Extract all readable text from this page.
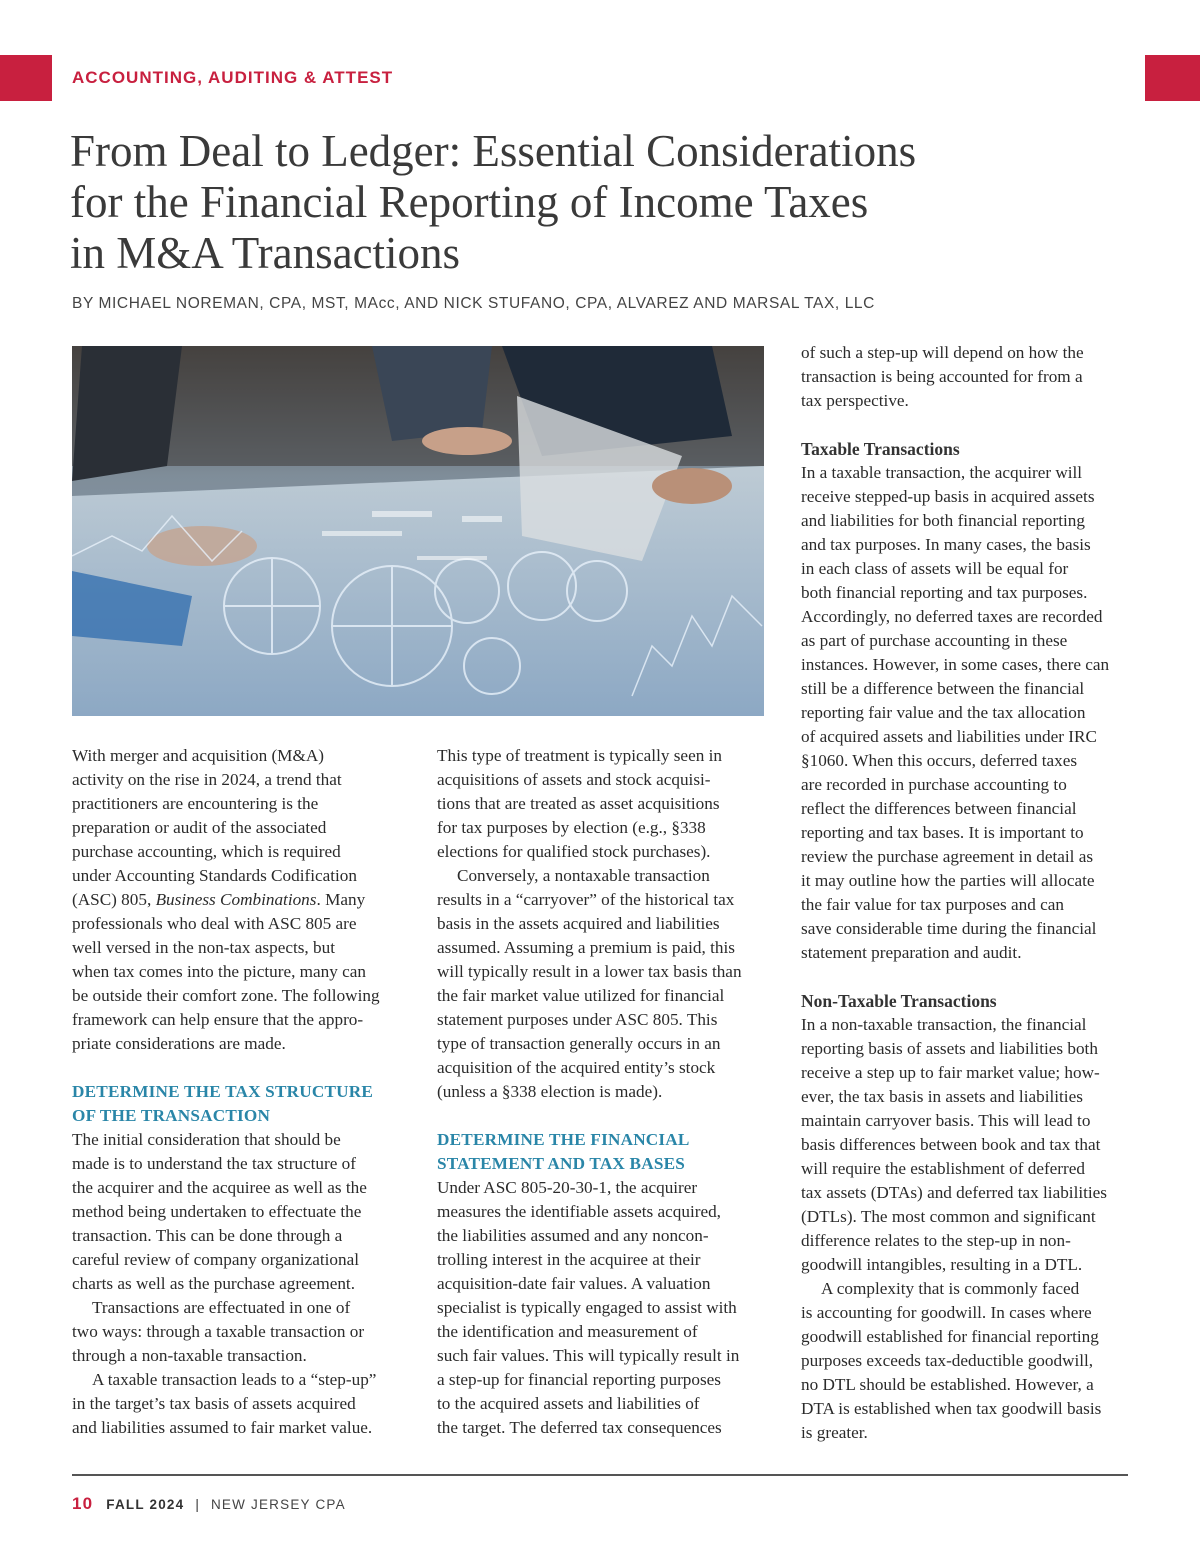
ACCOUNTING, AUDITING & ATTEST
From Deal to Ledger: Essential Considerations
for the Financial Reporting of Income Taxes
in M&A Transactions
BY MICHAEL NOREMAN, CPA, MST, MAcc, AND NICK STUFANO, CPA, ALVAREZ AND MARSAL TAX, LLC

With merger and acquisition (M&A)
activity on the rise in 2024, a trend that
practitioners are encountering is the
preparation or audit of the associated
purchase accounting, which is required
under Accounting Standards Codification
(ASC) 805, Business Combinations. Many
professionals who deal with ASC 805 are
well versed in the non-tax aspects, but
when tax comes into the picture, many can
be outside their comfort zone. The following
framework can help ensure that the appro-
priate considerations are made.

DETERMINE THE TAX STRUCTURE
OF THE TRANSACTION

The initial consideration that should be
made is to understand the tax structure of
the acquirer and the acquiree as well as the
method being undertaken to effectuate the
transaction. This can be done through a
careful review of company organizational
charts as well as the purchase agreement.

Transactions are effectuated in one of
two ways: through a taxable transaction or
through a non-taxable transaction.

A taxable transaction leads to a “step-up”
in the target’s tax basis of assets acquired
and liabilities assumed to fair market value.

This type of treatment is typically seen in
acquisitions of assets and stock acquisi-
tions that are treated as asset acquisitions
for tax purposes by election (e.g., §338
elections for qualified stock purchases).

Conversely, a nontaxable transaction
results in a “carryover” of the historical tax
basis in the assets acquired and liabilities
assumed. Assuming a premium is paid, this
will typically result in a lower tax basis than
the fair market value utilized for financial
statement purposes under ASC 805. This
type of transaction generally occurs in an
acquisition of the acquired entity’s stock
(unless a §338 election is made).

DETERMINE THE FINANCIAL
STATEMENT AND TAX BASES

Under ASC 805-20-30-1, the acquirer
measures the identifiable assets acquired,
the liabilities assumed and any noncon-
trolling interest in the acquiree at their
acquisition-date fair values. A valuation
specialist is typically engaged to assist with
the identification and measurement of
such fair values. This will typically result in
a step-up for financial reporting purposes
to the acquired assets and liabilities of
the target. The deferred tax consequences

of such a step-up will depend on how the
transaction is being accounted for from a
tax perspective.

Taxable Transactions

In a taxable transaction, the acquirer will
receive stepped-up basis in acquired assets
and liabilities for both financial reporting
and tax purposes. In many cases, the basis
in each class of assets will be equal for
both financial reporting and tax purposes.
Accordingly, no deferred taxes are recorded
as part of purchase accounting in these
instances. However, in some cases, there can
still be a difference between the financial
reporting fair value and the tax allocation
of acquired assets and liabilities under IRC
§1060. When this occurs, deferred taxes
are recorded in purchase accounting to
reflect the differences between financial
reporting and tax bases. It is important to
review the purchase agreement in detail as
it may outline how the parties will allocate
the fair value for tax purposes and can
save considerable time during the financial
statement preparation and audit.

Non-Taxable Transactions

In a non-taxable transaction, the financial
reporting basis of assets and liabilities both
receive a step up to fair market value; how-
ever, the tax basis in assets and liabilities
maintain carryover basis. This will lead to
basis differences between book and tax that
will require the establishment of deferred
tax assets (DTAs) and deferred tax liabilities
(DTLs). The most common and significant
difference relates to the step-up in non-
goodwill intangibles, resulting in a DTL.

A complexity that is commonly faced
is accounting for goodwill. In cases where
goodwill established for financial reporting
purposes exceeds tax-deductible goodwill,
no DTL should be established. However, a
DTA is established when tax goodwill basis
is greater.

10 FALL 2024 | NEW JERSEY CPA
